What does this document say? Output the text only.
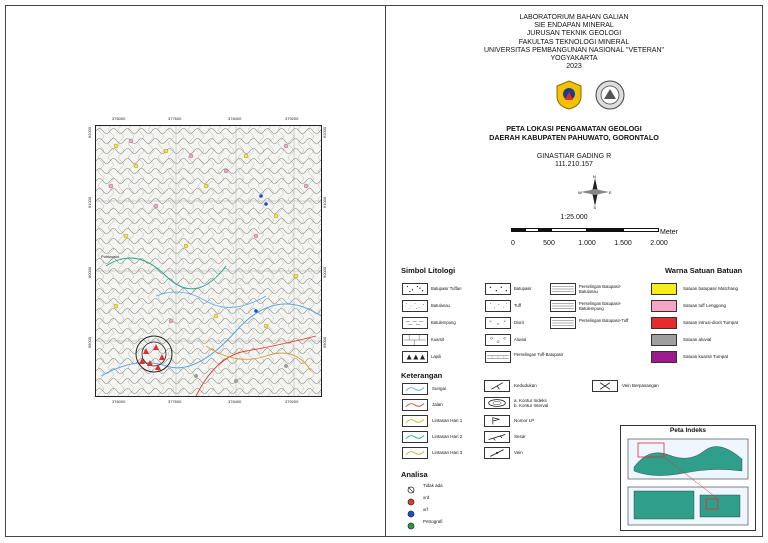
Pohuwato
376000	377600	378400	379200
376000	377600	378400	379200
62000
61000
60000
59000
62000
61000
60000
59000
LABORATORIUM BAHAN GALIAN
SIE ENDAPAN MINERAL
JURUSAN TEKNIK GEOLOGI
FAKULTAS TEKNOLOGI MINERAL
UNIVERSITAS PEMBANGUNAN NASIONAL "VETERAN"
YOGYAKARTA
2023
PETA LOKASI PENGAMATAN GEOLOGI
DAERAH KABUPATEN PAHUWATO, GORONTALO
GINASTIAR GADING R
111.210.157
N
S
E
W
1:25.000
Meter
0	500	1.000	1.500	2.000
Simbol Litologi
Batupasir Tuffan
Batulanau
Batulempung
Kuarsit
Lapili
Batupasir
Tuff
Diorit
Aluvial
Perselingan Tuff-Batupasir
Perselingan Batupasir-Batulanau
Perselingan Batupasir-Batulempung
Perselingan Batupasir-Tuff
Warna Satuan Batuan
Satuan batupasir Matchang
Satuan tuff Lenggong
Satuan intrusi-diorit Tumpat
Satuan aluvial
Satuan kuarsit Tumpat
Keterangan
Sungai
Jalan
Lintasan Hari 1
Lintasan Hari 2
Lintasan Hari 3
Kedudukan
a. Kontur Indeks
b. Kontur Interval
Nomor LP
Sesar
Vein
Vein Berpasangan
Analisa
Tidak ada
xrd
xrf
Petrografi
Peta Indeks
